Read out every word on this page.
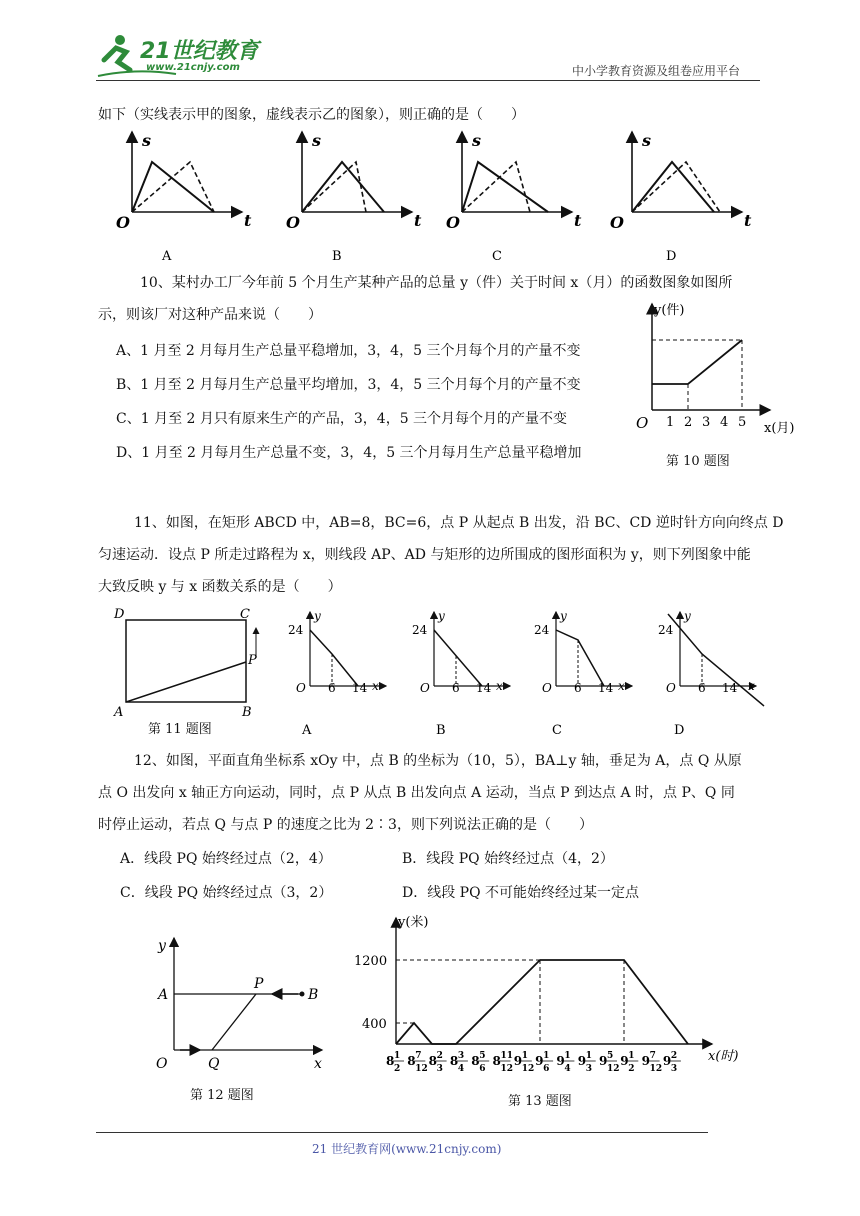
21世纪教育
www.21cnjy.com	中小学教育资源及组卷应用平台
如下（实线表示甲的图象，虚线表示乙的图象），则正确的是（　　）
s
t
O
A
s
t
O
B
s
t
O
C
s
t
O
D
10、某村办工厂今年前 5 个月生产某种产品的总量 y（件）关于时间 x（月）的函数图象如图所
示，则该厂对这种产品来说（　　）
A、1 月至 2 月每月生产总量平稳增加，3，4，5 三个月每个月的产量不变
B、1 月至 2 月每月生产总量平均增加，3，4，5 三个月每个月的产量不变
C、1 月至 2 月只有原来生产的产品，3，4，5 三个月每个月的产量不变
D、1 月至 2 月每月生产总量不变，3，4，5 三个月每月生产总量平稳增加
y(件)
x(月)
O 1 2 3 4 5
第 10 题图
11、如图，在矩形 ABCD 中，AB=8，BC=6，点 P 从起点 B 出发，沿 BC、CD 逆时针方向向终点 D
匀速运动．设点 P 所走过路程为 x，则线段 AP、AD 与矩形的边所围成的图形面积为 y，则下列图象中能
大致反映 y 与 x 函数关系的是（　　）
D	C
A	B
P
24
y
x
O 6 14
A
24
y
x
O 6 14
B
24
y
x
O 6 14
C
24
y
x
O 6 14
D
第 11 题图
12、如图，平面直角坐标系 xOy 中，点 B 的坐标为（10，5），BA⊥y 轴，垂足为 A，点 Q 从原
点 O 出发向 x 轴正方向运动，同时，点 P 从点 B 出发向点 A 运动，当点 P 到达点 A 时，点 P、Q 同
时停止运动，若点 Q 与点 P 的速度之比为 2∶3，则下列说法正确的是（　　）
A．线段 PQ 始终经过点（2，4）	B．线段 PQ 始终经过点（4，2）
C．线段 PQ 始终经过点（3，2）	D．线段 PQ 不可能始终经过某一定点
y
x
O
A
P
B
Q
第 12 题图
y(米)
x(时)
1200
400
8 1
2
8 7
12
8 2
3
8 3
4
8 5
6
8 11
12
9 1
12
9 1
6
9 1
4
9 1
3
9 5
12
9 1
2
9 7
12
9 2
3
第 13 题图
21 世纪教育网(www.21cnjy.com)
